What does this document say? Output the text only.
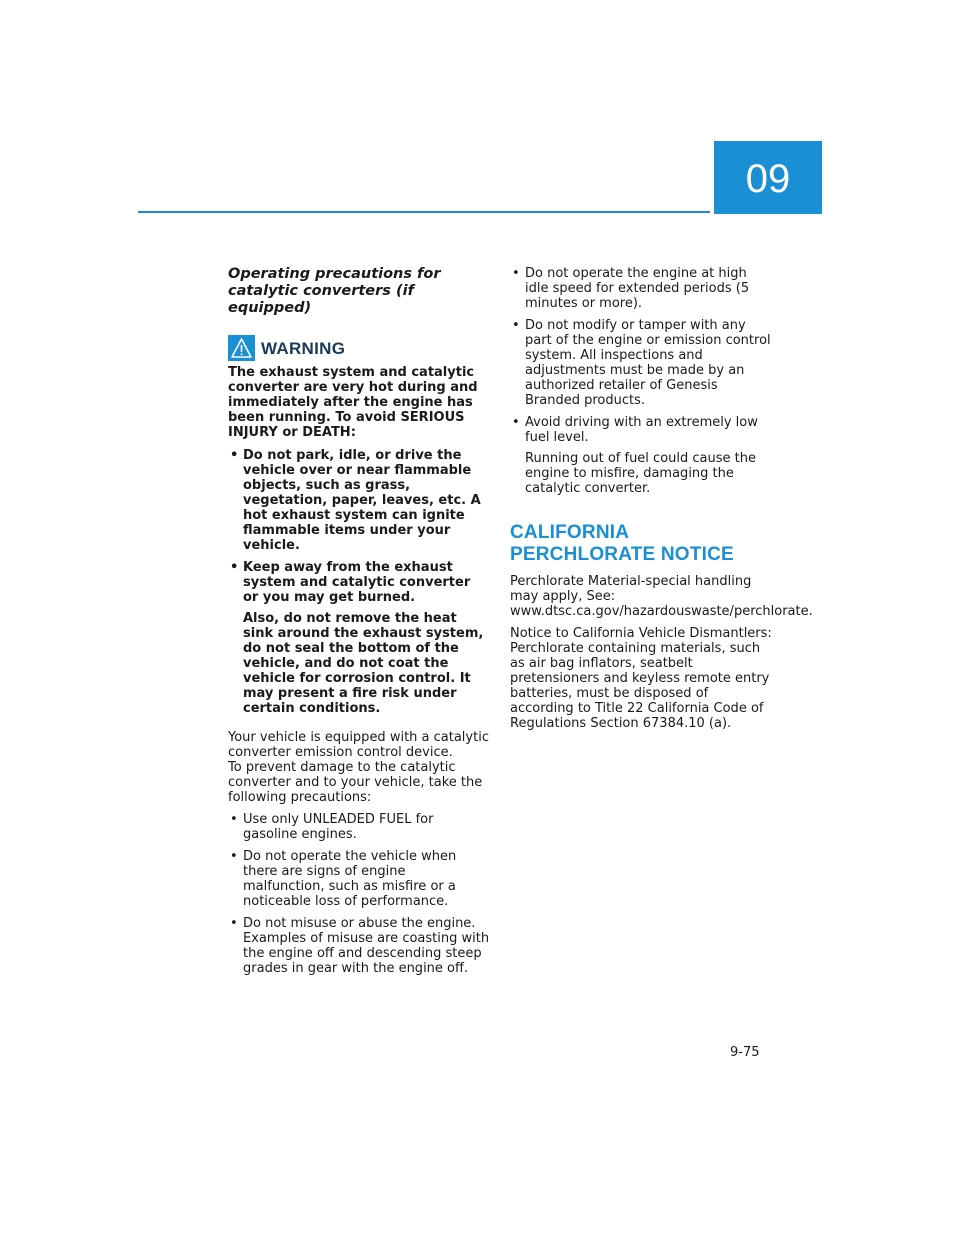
09
Operating precautions for catalytic converters (if equipped)
WARNING

The exhaust system and catalytic converter are very hot during and immediately after the engine has been running. To avoid SERIOUS INJURY or DEATH:

• Do not park, idle, or drive the vehicle over or near flammable objects, such as grass, vegetation, paper, leaves, etc. A hot exhaust system can ignite flammable items under your vehicle.
• Keep away from the exhaust system and catalytic converter or you may get burned.
Also, do not remove the heat sink around the exhaust system, do not seal the bottom of the vehicle, and do not coat the vehicle for corrosion control. It may present a fire risk under certain conditions.

Your vehicle is equipped with a catalytic converter emission control device.

To prevent damage to the catalytic converter and to your vehicle, take the following precautions:

• Use only UNLEADED FUEL for gasoline engines.
• Do not operate the vehicle when there are signs of engine malfunction, such as misfire or a noticeable loss of performance.
• Do not misuse or abuse the engine. Examples of misuse are coasting with the engine off and descending steep grades in gear with the engine off.
• Do not operate the engine at high idle speed for extended periods (5 minutes or more).
• Do not modify or tamper with any part of the engine or emission control system. All inspections and adjustments must be made by an authorized retailer of Genesis Branded products.
• Avoid driving with an extremely low fuel level.
Running out of fuel could cause the engine to misfire, damaging the catalytic converter.
CALIFORNIA PERCHLORATE NOTICE

Perchlorate Material-special handling may apply, See: www.dtsc.ca.gov/hazardouswaste/perchlorate.

Notice to California Vehicle Dismantlers: Perchlorate containing materials, such as air bag inflators, seatbelt pretensioners and keyless remote entry batteries, must be disposed of according to Title 22 California Code of Regulations Section 67384.10 (a).

9-75
